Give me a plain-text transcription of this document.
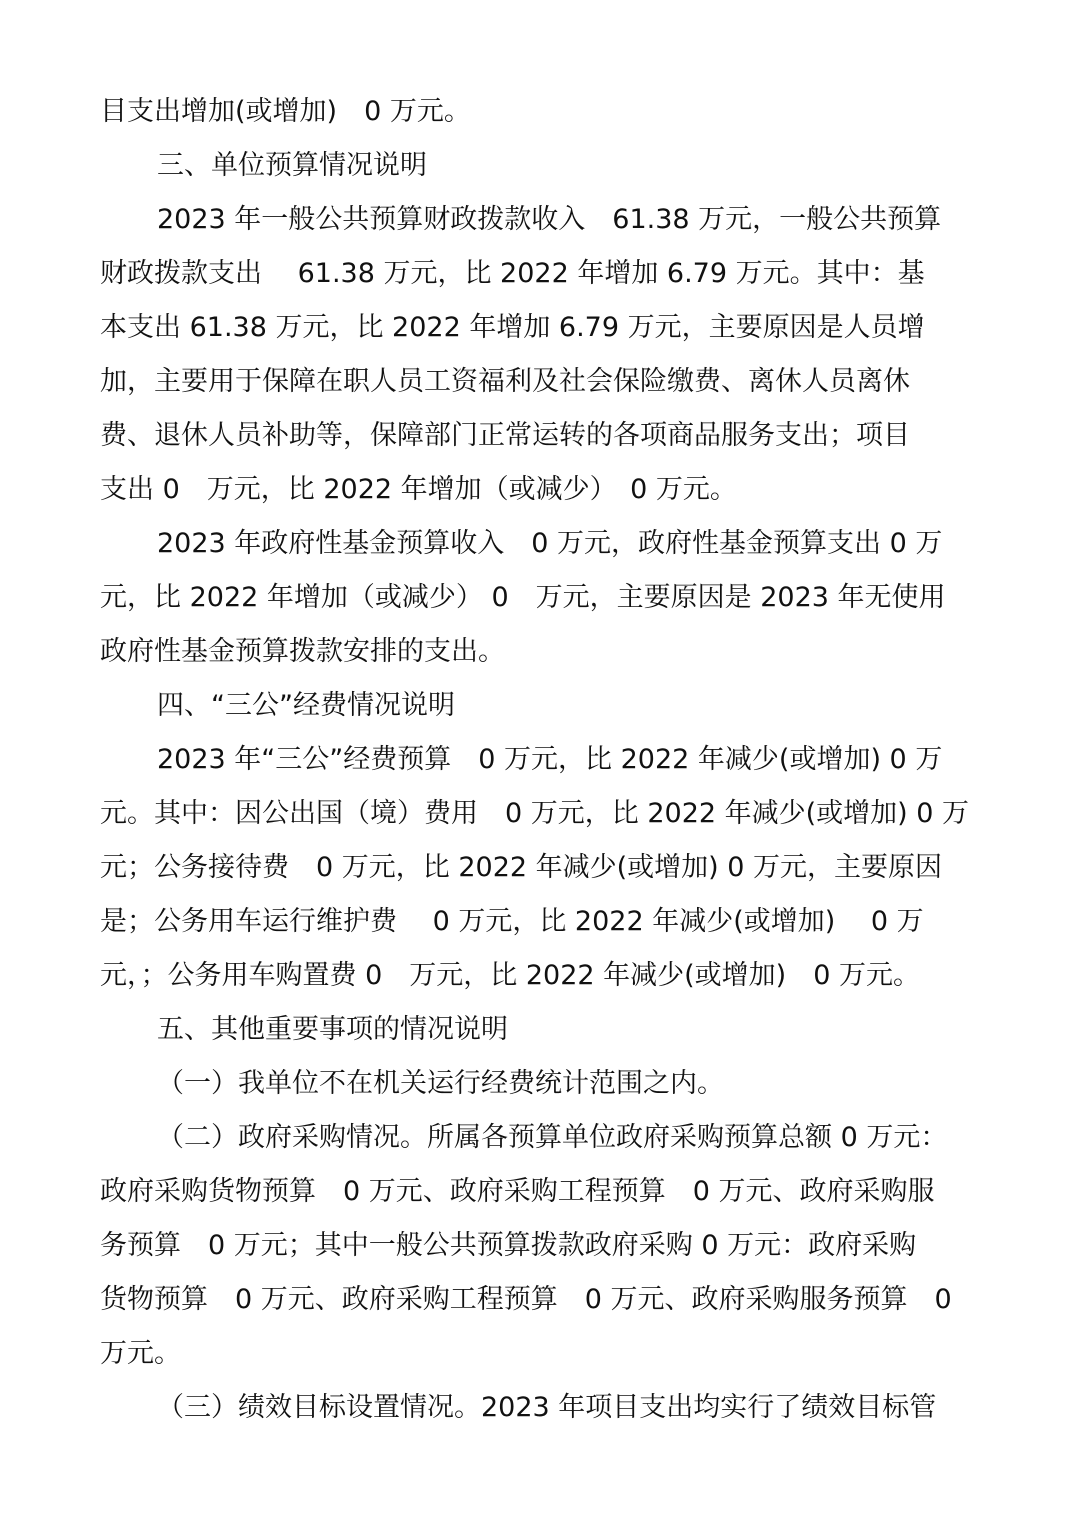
目支出增加(或增加)　0 万元。
三、单位预算情况说明
2023 年一般公共预算财政拨款收入　61.38 万元，一般公共预算
财政拨款支出　 61.38 万元，比 2022 年增加 6.79 万元。其中：基
本支出 61.38 万元，比 2022 年增加 6.79 万元，主要原因是人员增
加，主要用于保障在职人员工资福利及社会保险缴费、离休人员离休
费、退休人员补助等，保障部门正常运转的各项商品服务支出；项目
支出 0　万元，比 2022 年增加（或减少）　0 万元。
2023 年政府性基金预算收入　0 万元，政府性基金预算支出 0 万
元，比 2022 年增加（或减少） 0　万元，主要原因是 2023 年无使用
政府性基金预算拨款安排的支出。
四、“三公”经费情况说明
2023 年“三公”经费预算　0 万元，比 2022 年减少(或增加) 0 万
元。其中：因公出国（境）费用　0 万元，比 2022 年减少(或增加) 0 万
元；公务接待费　0 万元，比 2022 年减少(或增加) 0 万元，主要原因
是；公务用车运行维护费　 0 万元，比 2022 年减少(或增加)　 0 万
元，；公务用车购置费 0　万元，比 2022 年减少(或增加)　0 万元。
五、其他重要事项的情况说明
（一）我单位不在机关运行经费统计范围之内。
（二）政府采购情况。所属各预算单位政府采购预算总额 0 万元：
政府采购货物预算　0 万元、政府采购工程预算　0 万元、政府采购服
务预算　0 万元；其中一般公共预算拨款政府采购 0 万元：政府采购
货物预算　0 万元、政府采购工程预算　0 万元、政府采购服务预算　0
万元。
（三）绩效目标设置情况。2023 年项目支出均实行了绩效目标管
